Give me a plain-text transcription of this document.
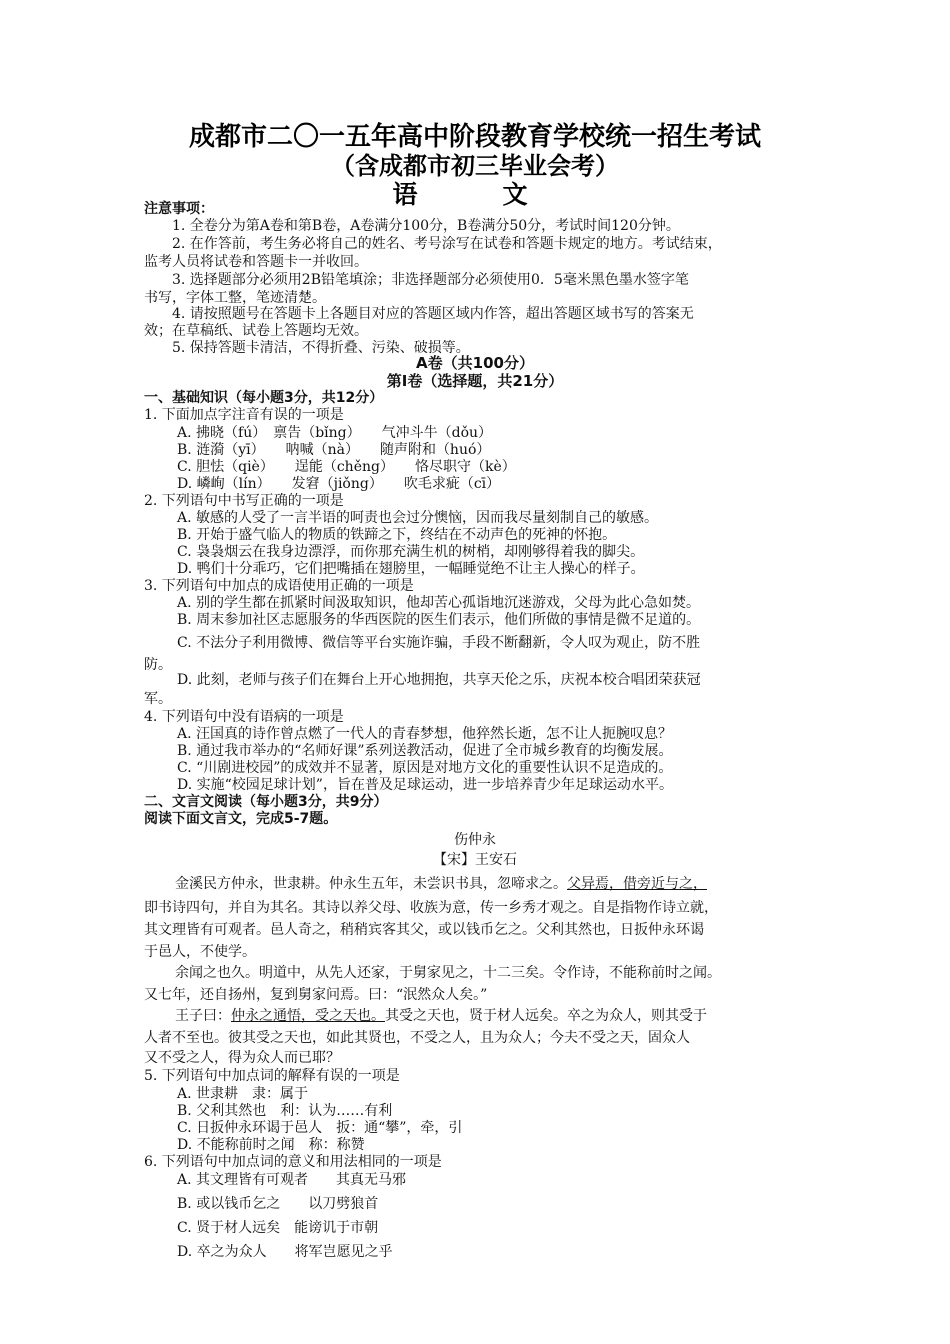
成都市二〇一五年高中阶段教育学校统一招生考试
（含成都市初三毕业会考）
语　文
注意事项：
1. 全卷分为第A卷和第B卷，A卷满分100分，B卷满分50分，考试时间120分钟。
2. 在作答前，考生务必将自己的姓名、考号涂写在试卷和答题卡规定的地方。考试结束，
监考人员将试卷和答题卡一并收回。
3. 选择题部分必须用2B铅笔填涂；非选择题部分必须使用0．5毫米黑色墨水签字笔
书写，字体工整，笔迹清楚。
4. 请按照题号在答题卡上各题目对应的答题区域内作答，超出答题区域书写的答案无
效；在草稿纸、试卷上答题均无效。
5. 保持答题卡清洁，不得折叠、污染、破损等。
A卷（共100分）
第Ⅰ卷（选择题，共21分）
一、基础知识（每小题3分，共12分）
1. 下面加点字注音有误的一项是
A. 拂晓（fú）　禀告（bǐng）　　气冲斗牛（dǒu）
B. 涟漪（yī）　　呐喊（nà）　　随声附和（huó）
C. 胆怯（qiè）　　逞能（chěng）　　恪尽职守（kè）
D. 嶙峋（lín）　　发窘（jiǒng）　　吹毛求疵（cī）
2. 下列语句中书写正确的一项是
A. 敏感的人受了一言半语的呵责也会过分懊恼，因而我尽量刻制自己的敏感。
B. 开始于盛气临人的物质的铁蹄之下，终结在不动声色的死神的怀抱。
C. 袅袅烟云在我身边漂浮，而你那充满生机的树梢，却刚够得着我的脚尖。
D. 鸭们十分乖巧，它们把嘴插在翅膀里，一幅睡觉绝不让主人操心的样子。
3. 下列语句中加点的成语使用正确的一项是
A. 别的学生都在抓紧时间汲取知识，他却苦心孤诣地沉迷游戏，父母为此心急如焚。
B. 周末参加社区志愿服务的华西医院的医生们表示，他们所做的事情是微不足道的。
C. 不法分子利用微博、微信等平台实施诈骗，手段不断翻新，令人叹为观止，防不胜
防。
D. 此刻，老师与孩子们在舞台上开心地拥抱，共享天伦之乐，庆祝本校合唱团荣获冠
军。
4. 下列语句中没有语病的一项是
A. 汪国真的诗作曾点燃了一代人的青春梦想，他猝然长逝，怎不让人扼腕叹息？
B. 通过我市举办的“名师好课”系列送教活动，促进了全市城乡教育的均衡发展。
C. “川剧进校园”的成效并不显著，原因是对地方文化的重要性认识不足造成的。
D. 实施“校园足球计划”，旨在普及足球运动，进一步培养青少年足球运动水平。
二、文言文阅读（每小题3分，共9分）
阅读下面文言文，完成5-7题。
伤仲永
【宋】王安石
金溪民方仲永，世隶耕。仲永生五年，未尝识书具，忽啼求之。父异焉，借旁近与之，
即书诗四句，并自为其名。其诗以养父母、收族为意，传一乡秀才观之。自是指物作诗立就，
其文理皆有可观者。邑人奇之，稍稍宾客其父，或以钱币乞之。父利其然也，日扳仲永环谒
于邑人，不使学。
余闻之也久。明道中，从先人还家，于舅家见之，十二三矣。令作诗，不能称前时之闻。
又七年，还自扬州，复到舅家问焉。曰：“泯然众人矣。”
王子曰：仲永之通悟，受之天也。其受之天也，贤于材人远矣。卒之为众人，则其受于
人者不至也。彼其受之天也，如此其贤也，不受之人，且为众人；今夫不受之天，固众人
又不受之人，得为众人而已耶？
5. 下列语句中加点词的解释有误的一项是
A. 世隶耕　隶：属于
B. 父利其然也　利：认为……有利
C. 日扳仲永环谒于邑人　扳：通“攀”，牵，引
D. 不能称前时之闻　称：称赞
6. 下列语句中加点词的意义和用法相同的一项是
A. 其文理皆有可观者　　其真无马邪
B. 或以钱币乞之　　以刀劈狼首
C. 贤于材人远矣　能谤讥于市朝
D. 卒之为众人　　将军岂愿见之乎
